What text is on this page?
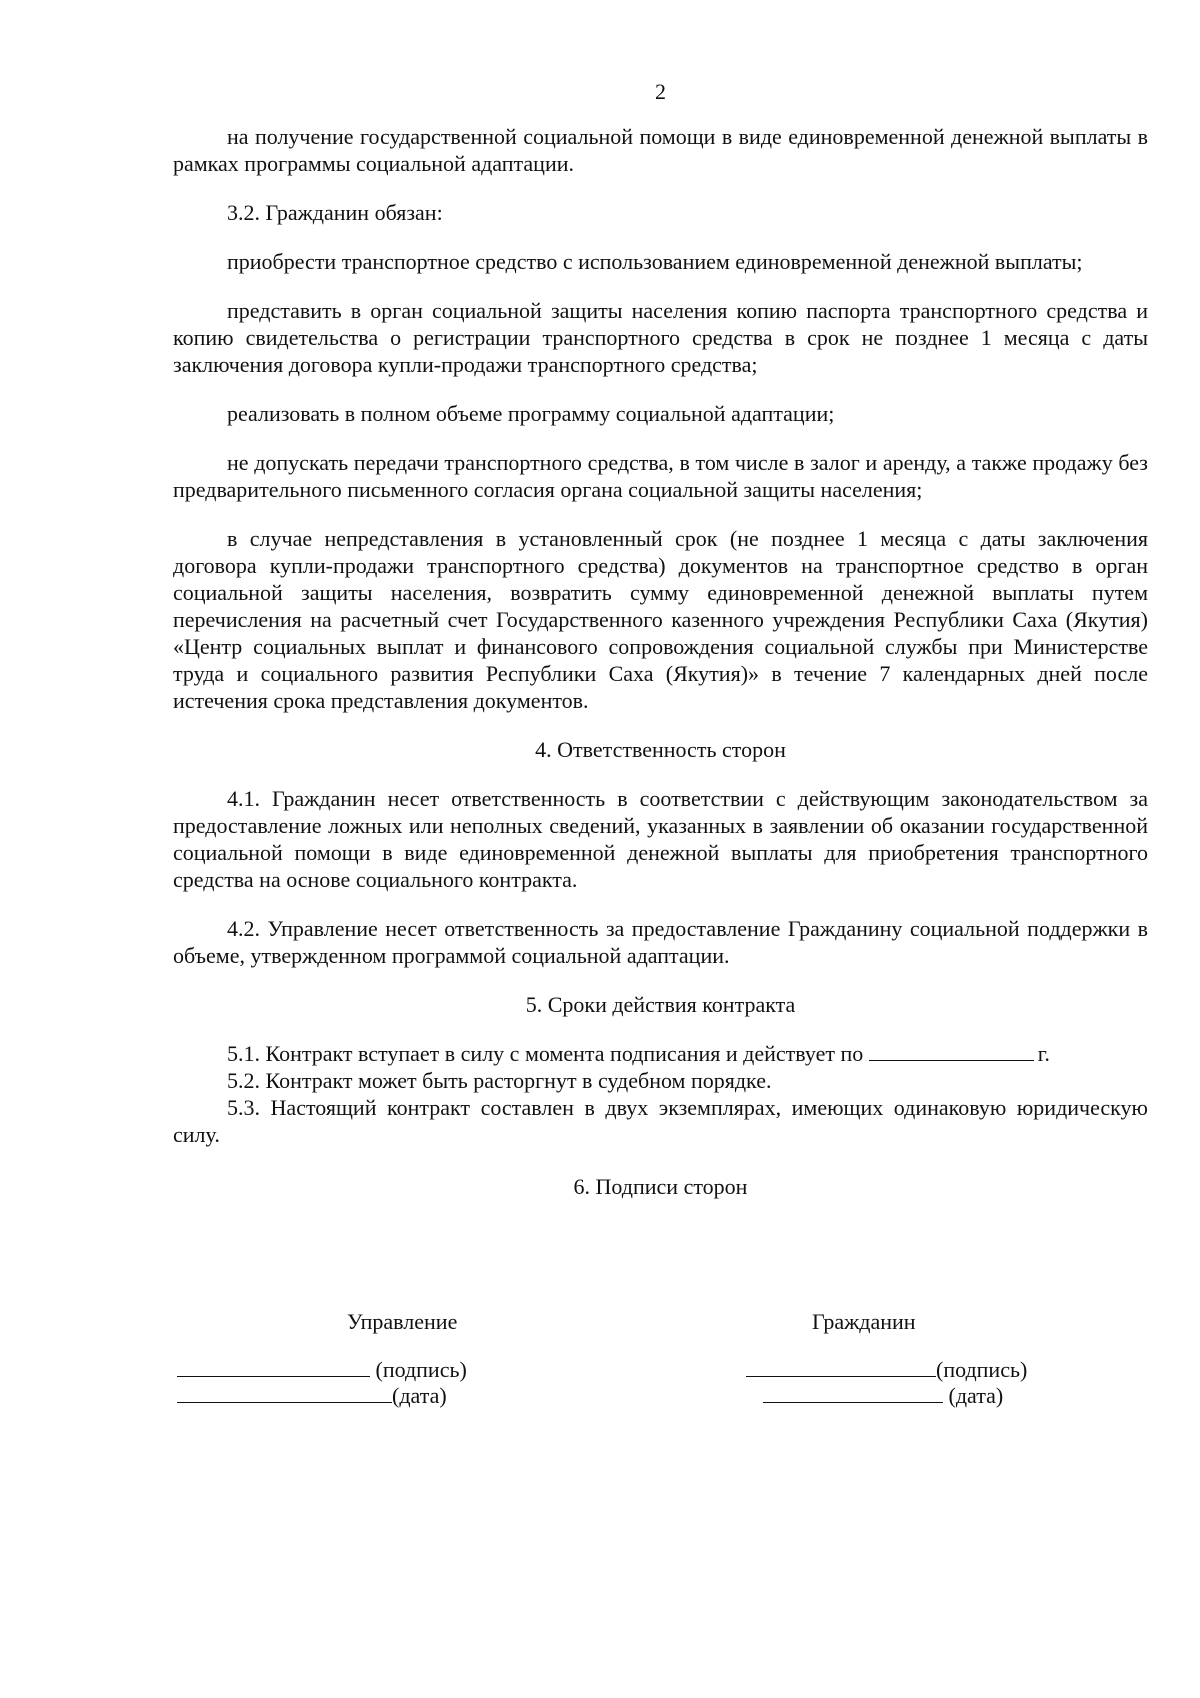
2

на получение государственной социальной помощи в виде единовременной денежной выплаты в рамках программы социальной адаптации.

3.2. Гражданин обязан:

приобрести транспортное средство с использованием единовременной денежной выплаты;

представить в орган социальной защиты населения копию паспорта транспортного средства и копию свидетельства о регистрации транспортного средства в срок не позднее 1 месяца с даты заключения договора купли-продажи транспортного средства;

реализовать в полном объеме программу социальной адаптации;

не допускать передачи транспортного средства, в том числе в залог и аренду, а также продажу без предварительного письменного согласия органа социальной защиты населения;

в случае непредставления в установленный срок (не позднее 1 месяца с даты заключения договора купли-продажи транспортного средства) документов на транспортное средство в орган социальной защиты населения, возвратить сумму единовременной денежной выплаты путем перечисления на расчетный счет Государственного казенного учреждения Республики Саха (Якутия) «Центр социальных выплат и финансового сопровождения социальной службы при Министерстве труда и социального развития Республики Саха (Якутия)» в течение 7 календарных дней после истечения срока представления документов.

4. Ответственность сторон

4.1. Гражданин несет ответственность в соответствии с действующим законодательством за предоставление ложных или неполных сведений, указанных в заявлении об оказании государственной социальной помощи в виде единовременной денежной выплаты для приобретения транспортного средства на основе социального контракта.

4.2. Управление несет ответственность за предоставление Гражданину социальной поддержки в объеме, утвержденном программой социальной адаптации.

5. Сроки действия контракта

5.1. Контракт вступает в силу с момента подписания и действует по	г.

5.2. Контракт может быть расторгнут в судебном порядке.

5.3. Настоящий контракт составлен в двух экземплярах, имеющих одинаковую юридическую силу.

6. Подписи сторон

Управление
(подпись)
(дата)
Гражданин
(подпись)
(дата)
